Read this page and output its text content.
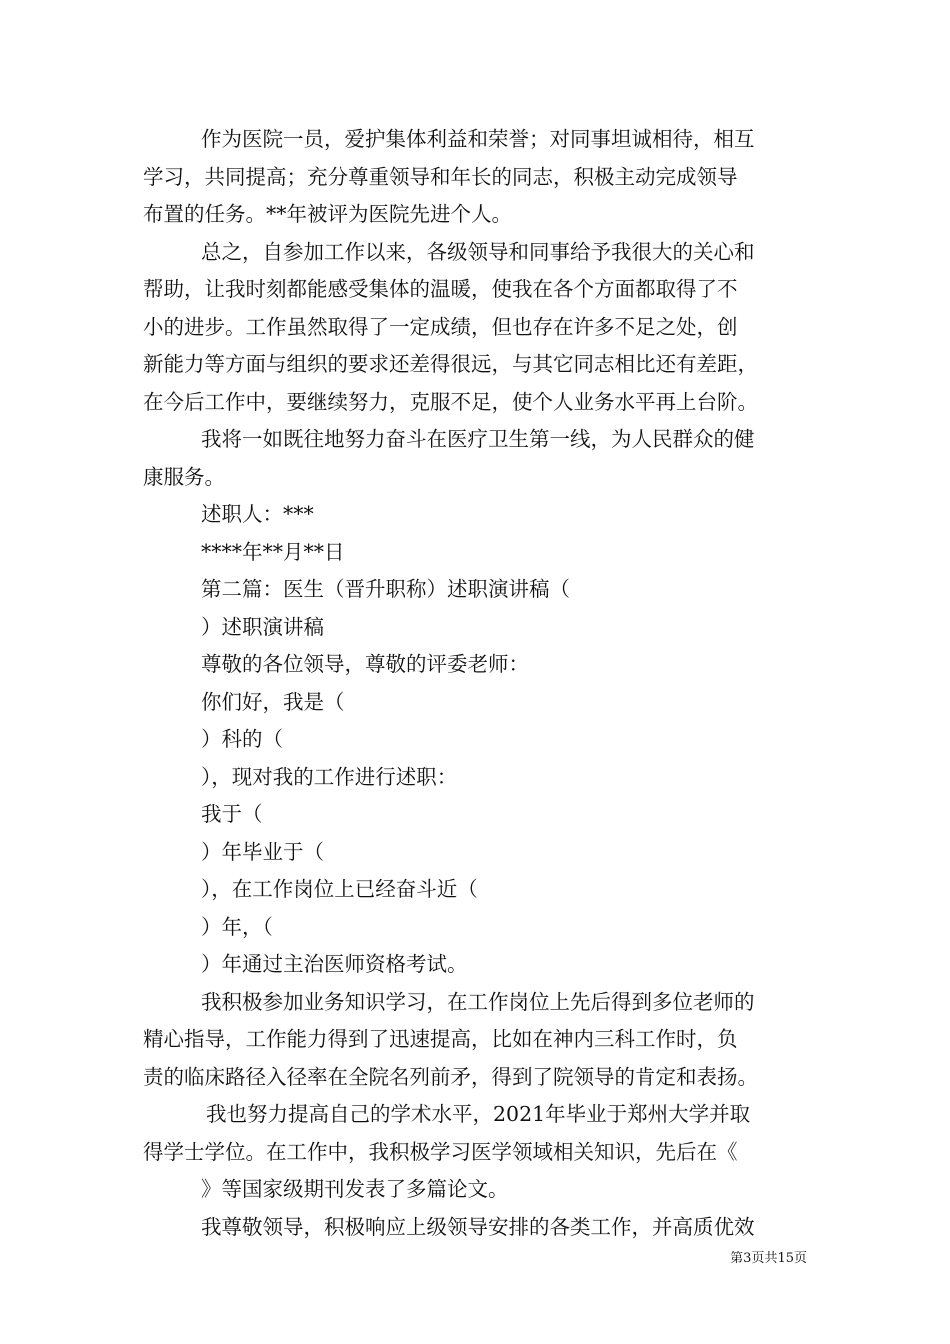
作为医院一员，爱护集体利益和荣誉；对同事坦诚相待，相互
学习，共同提高；充分尊重领导和年长的同志，积极主动完成领导
布置的任务。**年被评为医院先进个人。
总之，自参加工作以来，各级领导和同事给予我很大的关心和
帮助，让我时刻都能感受集体的温暖，使我在各个方面都取得了不
小的进步。工作虽然取得了一定成绩，但也存在许多不足之处，创
新能力等方面与组织的要求还差得很远，与其它同志相比还有差距，
在今后工作中，要继续努力，克服不足，使个人业务水平再上台阶。
我将一如既往地努力奋斗在医疗卫生第一线，为人民群众的健
康服务。
述职人：***
****年**月**日
第二篇：医生（晋升职称）述职演讲稿（
）述职演讲稿
尊敬的各位领导，尊敬的评委老师：
你们好，我是（
）科的（
），现对我的工作进行述职：
我于（
）年毕业于（
），在工作岗位上已经奋斗近（
）年，（
）年通过主治医师资格考试。
我积极参加业务知识学习，在工作岗位上先后得到多位老师的
精心指导，工作能力得到了迅速提高，比如在神内三科工作时，负
责的临床路径入径率在全院名列前矛，得到了院领导的肯定和表扬。
我也努力提高自己的学术水平，2021年毕业于郑州大学并取
得学士学位。在工作中，我积极学习医学领域相关知识，先后在《
》等国家级期刊发表了多篇论文。
我尊敬领导，积极响应上级领导安排的各类工作，并高质优效
第3页共15页
